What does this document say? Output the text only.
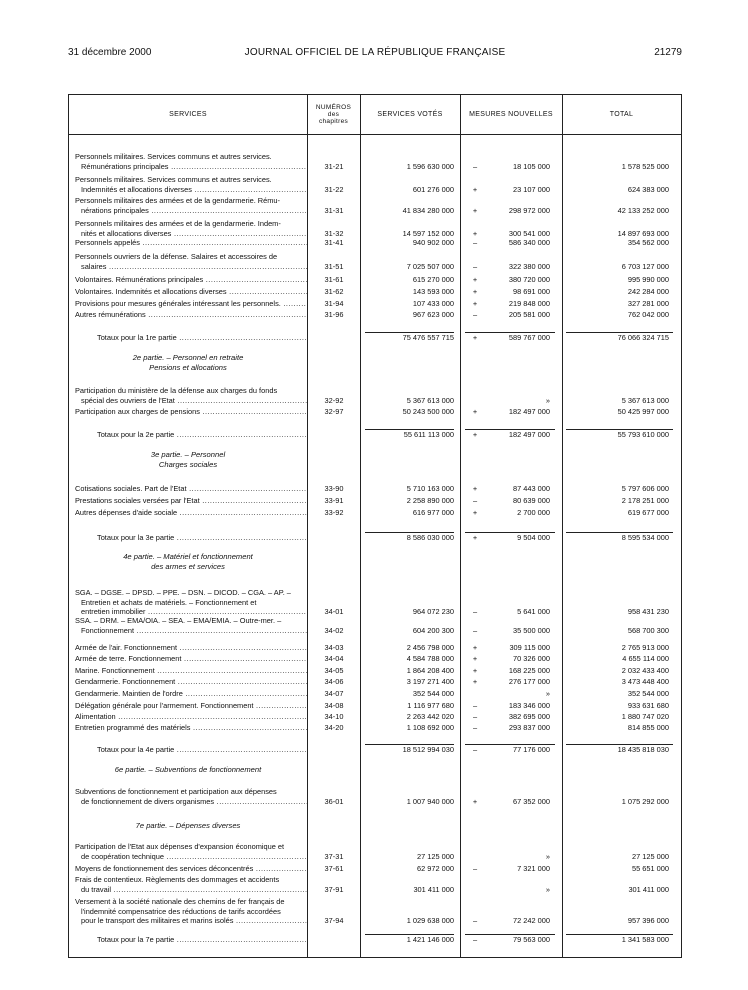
31 décembre 2000	JOURNAL OFFICIEL DE LA RÉPUBLIQUE FRANÇAISE	21279
SERVICES
NUMÉROS
des
chapitres
SERVICES VOTÉS	MESURES NOUVELLES	TOTAL
Personnels militaires. Services communs et autres services.
Rémunérations principales .....	31-21	1 596 630 000	–	18 105 000	1 578 525 000
Personnels militaires. Services communs et autres services.
Indemnités et allocations diverses .....	31-22	601 276 000	+	23 107 000	624 383 000
Personnels militaires des armées et de la gendarmerie. Rému-
nérations principales .....	31-31	41 834 280 000	+	298 972 000	42 133 252 000
Personnels militaires des armées et de la gendarmerie. Indem-
nités et allocations diverses .....	31-32	14 597 152 000	+	300 541 000	14 897 693 000
Personnels appelés .....	31-41	940 902 000	–	586 340 000	354 562 000
Personnels ouvriers de la défense. Salaires et accessoires de
salaires .....	31-51	7 025 507 000	–	322 380 000	6 703 127 000
Volontaires. Rémunérations principales .....	31-61	615 270 000	+	380 720 000	995 990 000
Volontaires. Indemnités et allocations diverses .....	31-62	143 593 000	+	98 691 000	242 284 000
Provisions pour mesures générales intéressant les personnels. .....	31-94	107 433 000	+	219 848 000	327 281 000
Autres rémunérations .....	31-96	967 623 000	–	205 581 000	762 042 000
Totaux pour la 1re partie .....	75 476 557 715	+	589 767 000	76 066 324 715
2e partie. – Personnel en retraite
Pensions et allocations
Participation du ministère de la défense aux charges du fonds
spécial des ouvriers de l'Etat .....	32-92	5 367 613 000	»	5 367 613 000
Participation aux charges de pensions .....	32-97	50 243 500 000	+	182 497 000	50 425 997 000
Totaux pour la 2e partie .....	55 611 113 000	+	182 497 000	55 793 610 000
3e partie. – Personnel
Charges sociales
Cotisations sociales. Part de l'Etat .....	33-90	5 710 163 000	+	87 443 000	5 797 606 000
Prestations sociales versées par l'Etat .....	33-91	2 258 890 000	–	80 639 000	2 178 251 000
Autres dépenses d'aide sociale .....	33-92	616 977 000	+	2 700 000	619 677 000
Totaux pour la 3e partie .....	8 586 030 000	+	9 504 000	8 595 534 000
4e partie. – Matériel et fonctionnement
des armes et services
SGA. – DGSE. – DPSD. – PPE. – DSN. – DICOD. – CGA. – AP. –
Entretien et achats de matériels. – Fonctionnement et
entretien immobilier .....	34-01	964 072 230	–	5 641 000	958 431 230
SSA. – DRM. – EMA/OIA. – SEA. – EMA/EMIA. – Outre-mer. –
Fonctionnement .....	34-02	604 200 300	–	35 500 000	568 700 300
Armée de l'air. Fonctionnement .....	34-03	2 456 798 000	+	309 115 000	2 765 913 000
Armée de terre. Fonctionnement .....	34-04	4 584 788 000	+	70 326 000	4 655 114 000
Marine. Fonctionnement .....	34-05	1 864 208 400	+	168 225 000	2 032 433 400
Gendarmerie. Fonctionnement .....	34-06	3 197 271 400	+	276 177 000	3 473 448 400
Gendarmerie. Maintien de l'ordre .....	34-07	352 544 000	»	352 544 000
Délégation générale pour l'armement. Fonctionnement .....	34-08	1 116 977 680	–	183 346 000	933 631 680
Alimentation .....	34-10	2 263 442 020	–	382 695 000	1 880 747 020
Entretien programmé des matériels .....	34-20	1 108 692 000	–	293 837 000	814 855 000
Totaux pour la 4e partie .....	18 512 994 030	–	77 176 000	18 435 818 030
6e partie. – Subventions de fonctionnement
Subventions de fonctionnement et participation aux dépenses
de fonctionnement de divers organismes .....	36-01	1 007 940 000	+	67 352 000	1 075 292 000
7e partie. – Dépenses diverses
Participation de l'Etat aux dépenses d'expansion économique et
de coopération technique .....	37-31	27 125 000	»	27 125 000
Moyens de fonctionnement des services déconcentrés .....	37-61	62 972 000	–	7 321 000	55 651 000
Frais de contentieux. Règlements des dommages et accidents
du travail .....	37-91	301 411 000	»	301 411 000
Versement à la société nationale des chemins de fer français de
l'indemnité compensatrice des réductions de tarifs accordées
pour le transport des militaires et marins isolés .....	37-94	1 029 638 000	–	72 242 000	957 396 000
Totaux pour la 7e partie .....	1 421 146 000	–	79 563 000	1 341 583 000
